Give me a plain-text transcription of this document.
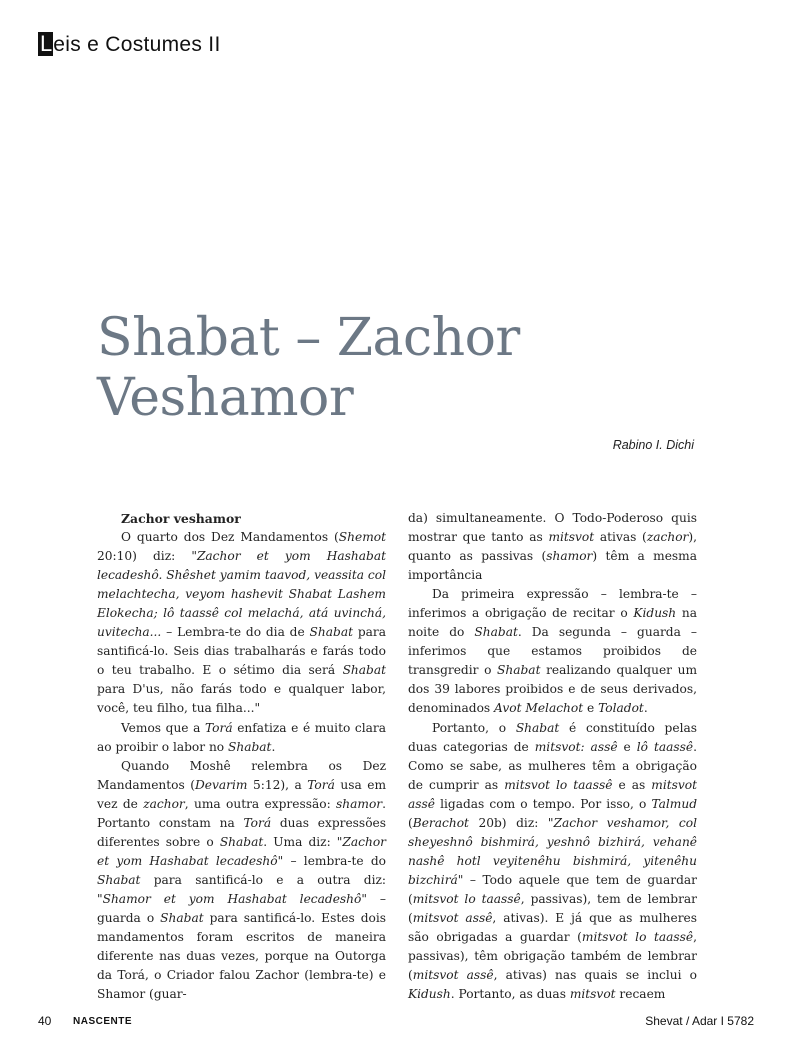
L eis e Costumes II
Shabat – Zachor
Veshamor
Rabino I. Dichi
Zachor veshamor

O quarto dos Dez Mandamentos (Shemot 20:10) diz: "Zachor et yom Hashabat lecadeshô. Shêshet yamim taavod, veassita col melachtecha, veyom hashevit Shabat Lashem Elokecha; lô taassê col melachá, atá uvinchá, uvitecha... – Lembra-te do dia de Shabat para santificá-lo. Seis dias trabalharás e farás todo o teu trabalho. E o sétimo dia será Shabat para D'us, não farás todo e qualquer labor, você, teu filho, tua filha..."

Vemos que a Torá enfatiza e é muito clara ao proibir o labor no Shabat.

Quando Moshê relembra os Dez Mandamentos (Devarim 5:12), a Torá usa em vez de zachor, uma outra expressão: shamor. Portanto constam na Torá duas expressões diferentes sobre o Shabat. Uma diz: "Zachor et yom Hashabat lecadeshô" – lembra-te do Shabat para santificá-lo e a outra diz: "Shamor et yom Hashabat lecadeshô" – guarda o Shabat para santificá-lo. Estes dois mandamentos foram escritos de maneira diferente nas duas vezes, porque na Outorga da Torá, o Criador falou Zachor (lembra-te) e Shamor (guar-

da) simultaneamente. O Todo-Poderoso quis mostrar que tanto as mitsvot ativas (zachor), quanto as passivas (shamor) têm a mesma importância

Da primeira expressão – lembra-te – inferimos a obrigação de recitar o Kidush na noite do Shabat. Da segunda – guarda – inferimos que estamos proibidos de transgredir o Shabat realizando qualquer um dos 39 labores proibidos e de seus derivados, denominados Avot Melachot e Toladot.

Portanto, o Shabat é constituído pelas duas categorias de mitsvot: assê e lô taassê. Como se sabe, as mulheres têm a obrigação de cumprir as mitsvot lo taassê e as mitsvot assê ligadas com o tempo. Por isso, o Talmud (Berachot 20b) diz: "Zachor veshamor, col sheyeshnô bishmirá, yeshnô bizhirá, vehanê nashê hotl veyitenêhu bishmirá, yitenêhu bizchirá" – Todo aquele que tem de guardar (mitsvot lo taassê, passivas), tem de lembrar (mitsvot assê, ativas). E já que as mulheres são obrigadas a guardar (mitsvot lo taassê, passivas), têm obrigação também de lembrar (mitsvot assê, ativas) nas quais se inclui o Kidush. Portanto, as duas mitsvot recaem

40 NASCENTE	Shevat / Adar I 5782
